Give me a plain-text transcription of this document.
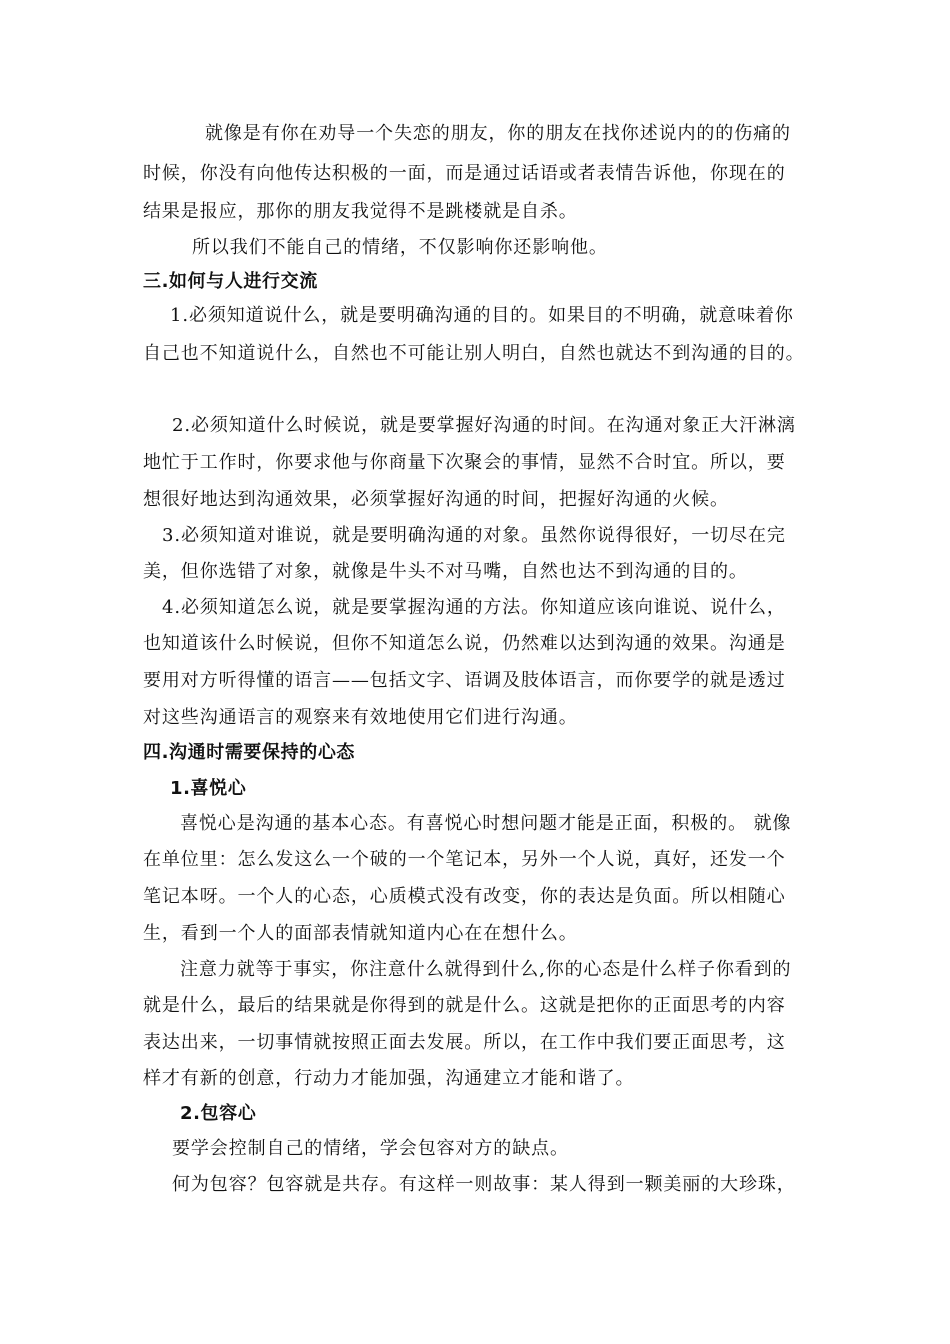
就像是有你在劝导一个失恋的朋友，你的朋友在找你述说内的的伤痛的
时候，你没有向他传达积极的一面，而是通过话语或者表情告诉他，你现在的
结果是报应，那你的朋友我觉得不是跳楼就是自杀。
所以我们不能自己的情绪，不仅影响你还影响他。
三.如何与人进行交流
1.必须知道说什么，就是要明确沟通的目的。如果目的不明确，就意味着你
自己也不知道说什么，自然也不可能让别人明白，自然也就达不到沟通的目的。
2.必须知道什么时候说，就是要掌握好沟通的时间。在沟通对象正大汗淋漓
地忙于工作时，你要求他与你商量下次聚会的事情，显然不合时宜。所以，要
想很好地达到沟通效果，必须掌握好沟通的时间，把握好沟通的火候。
3.必须知道对谁说，就是要明确沟通的对象。虽然你说得很好，一切尽在完
美，但你选错了对象，就像是牛头不对马嘴，自然也达不到沟通的目的。
4.必须知道怎么说，就是要掌握沟通的方法。你知道应该向谁说、说什么，
也知道该什么时候说，但你不知道怎么说，仍然难以达到沟通的效果。沟通是
要用对方听得懂的语言——包括文字、语调及肢体语言，而你要学的就是透过
对这些沟通语言的观察来有效地使用它们进行沟通。
四.沟通时需要保持的心态
1.喜悦心
喜悦心是沟通的基本心态。有喜悦心时想问题才能是正面，积极的。 就像
在单位里：怎么发这么一个破的一个笔记本，另外一个人说，真好，还发一个
笔记本呀。一个人的心态，心质模式没有改变，你的表达是负面。所以相随心
生，看到一个人的面部表情就知道内心在在想什么。
注意力就等于事实，你注意什么就得到什么,你的心态是什么样子你看到的
就是什么，最后的结果就是你得到的就是什么。这就是把你的正面思考的内容
表达出来，一切事情就按照正面去发展。所以，在工作中我们要正面思考，这
样才有新的创意，行动力才能加强，沟通建立才能和谐了。
2.包容心
要学会控制自己的情绪，学会包容对方的缺点。
何为包容？包容就是共存。有这样一则故事：某人得到一颗美丽的大珍珠，
